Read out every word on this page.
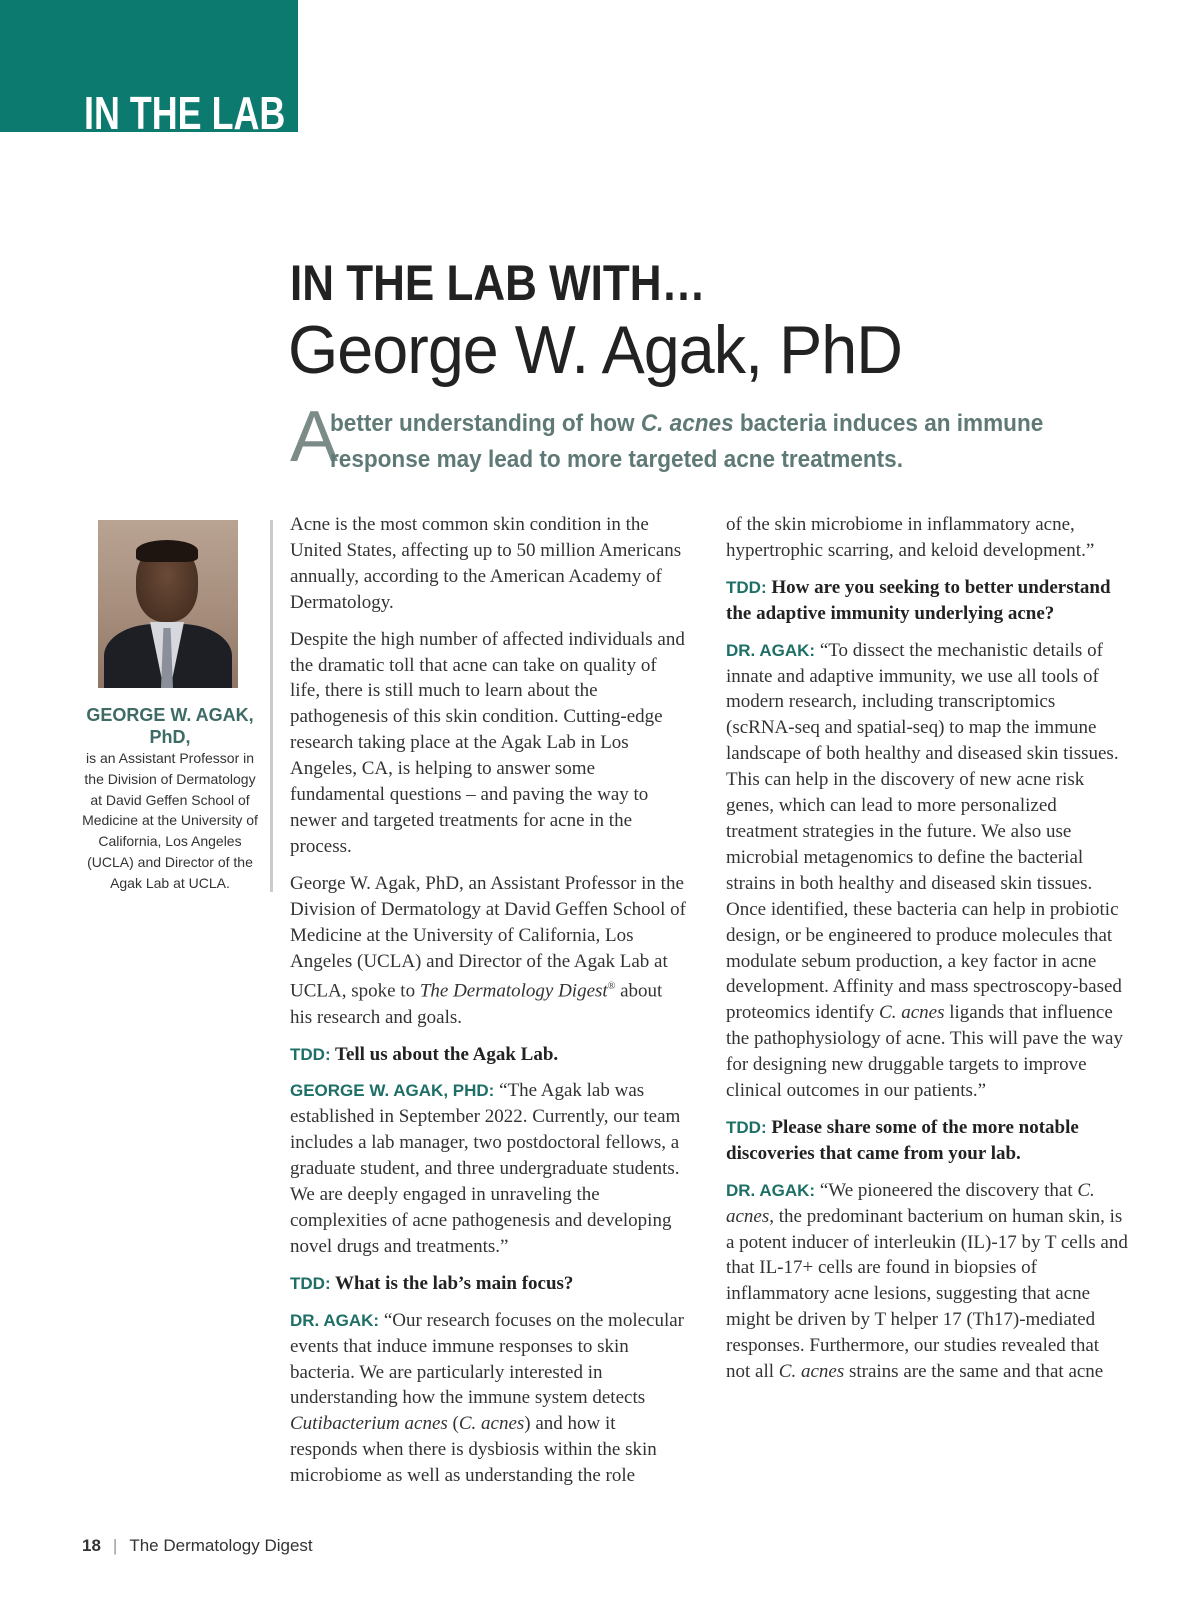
IN THE LAB
IN THE LAB WITH…
George W. Agak, PhD
A
better understanding of how C. acnes bacteria induces an immune response may lead to more targeted acne treatments.
GEORGE W. AGAK, PhD,
is an Assistant Professor in the Division of Dermatology at David Geffen School of Medicine at the University of California, Los Angeles (UCLA) and Director of the Agak Lab at UCLA.

Acne is the most common skin condition in the United States, affecting up to 50 million Americans annually, according to the American Academy of Dermatology.

Despite the high number of affected individuals and the dramatic toll that acne can take on quality of life, there is still much to learn about the pathogenesis of this skin condition. Cutting-edge research taking place at the Agak Lab in Los Angeles, CA, is helping to answer some fundamental questions – and paving the way to newer and targeted treatments for acne in the process.

George W. Agak, PhD, an Assistant Professor in the Division of Dermatology at David Geffen School of Medicine at the University of California, Los Angeles (UCLA) and Director of the Agak Lab at UCLA, spoke to The Dermatology Digest® about his research and goals.

TDD: Tell us about the Agak Lab.

GEORGE W. AGAK, PHD: “The Agak lab was established in September 2022. Currently, our team includes a lab manager, two postdoctoral fellows, a graduate student, and three undergraduate students. We are deeply engaged in unraveling the complexities of acne pathogenesis and developing novel drugs and treatments.”

TDD: What is the lab’s main focus?

DR. AGAK: “Our research focuses on the molecular events that induce immune responses to skin bacteria. We are particularly interested in understanding how the immune system detects Cutibacterium acnes (C. acnes) and how it responds when there is dysbiosis within the skin microbiome as well as understanding the role

of the skin microbiome in inflammatory acne, hypertrophic scarring, and keloid development.”

TDD: How are you seeking to better understand the adaptive immunity underlying acne?

DR. AGAK: “To dissect the mechanistic details of innate and adaptive immunity, we use all tools of modern research, including transcriptomics (scRNA-seq and spatial-seq) to map the immune landscape of both healthy and diseased skin tissues. This can help in the discovery of new acne risk genes, which can lead to more personalized treatment strategies in the future. We also use microbial metagenomics to define the bacterial strains in both healthy and diseased skin tissues. Once identified, these bacteria can help in probiotic design, or be engineered to produce molecules that modulate sebum production, a key factor in acne development. Affinity and mass spectroscopy-based proteomics identify C. acnes ligands that influence the pathophysiology of acne. This will pave the way for designing new druggable targets to improve clinical outcomes in our patients.”

TDD: Please share some of the more notable discoveries that came from your lab.

DR. AGAK: “We pioneered the discovery that C. acnes, the predominant bacterium on human skin, is a potent inducer of interleukin (IL)-17 by T cells and that IL-17+ cells are found in biopsies of inflammatory acne lesions, suggesting that acne might be driven by T helper 17 (Th17)-mediated responses. Furthermore, our studies revealed that not all C. acnes strains are the same and that acne

18 | The Dermatology Digest
